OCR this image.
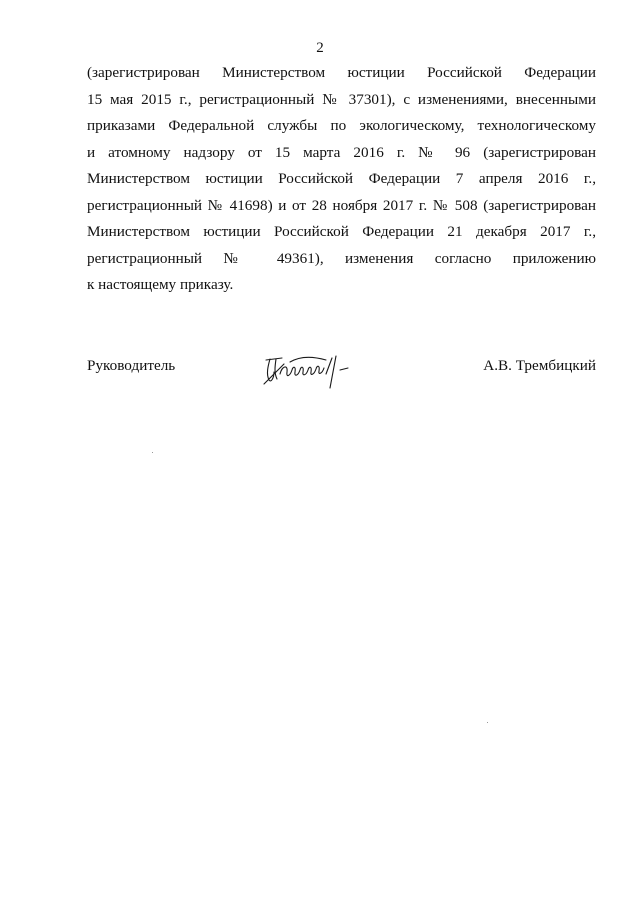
2
(зарегистрирован Министерством юстиции Российской Федерации
15 мая 2015 г., регистрационный № 37301), с изменениями, внесенными
приказами Федеральной службы по экологическому, технологическому
и атомному надзору от 15 марта 2016 г. № 96 (зарегистрирован
Министерством юстиции Российской Федерации 7 апреля 2016 г.,
регистрационный № 41698) и от 28 ноября 2017 г. № 508 (зарегистрирован
Министерством юстиции Российской Федерации 21 декабря 2017 г.,
регистрационный № 49361), изменения согласно приложению
к настоящему приказу.
Руководитель	А.В. Трембицкий
